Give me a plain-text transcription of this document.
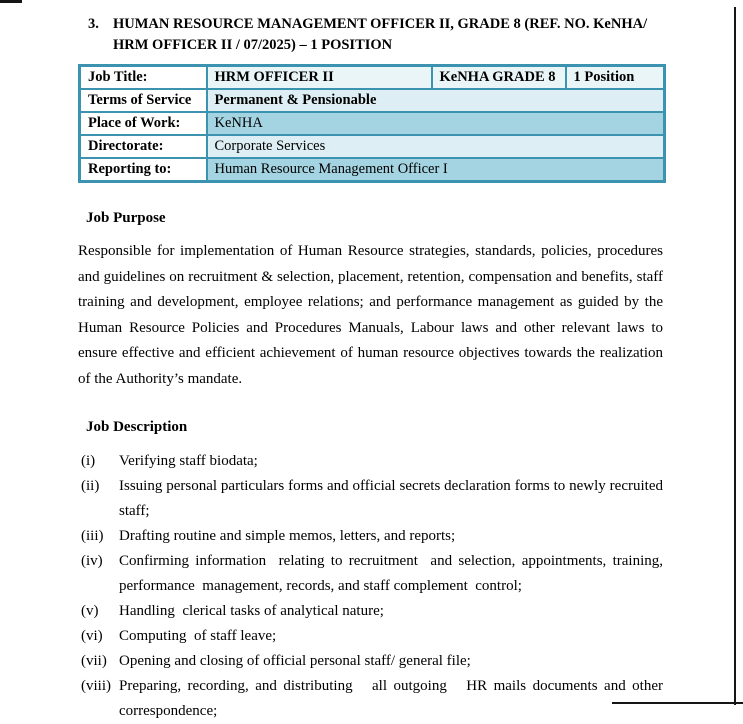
3. HUMAN RESOURCE MANAGEMENT OFFICER II, GRADE 8 (REF. NO. KeNHA/
HRM OFFICER II / 07/2025) – 1 POSITION
Job Title:	HRM OFFICER II	KeNHA GRADE 8	1 Position
Terms of Service	Permanent & Pensionable		
Place of Work:	KeNHA		
Directorate:	Corporate Services		
Reporting to:	Human Resource Management Officer I		
Job Purpose

Responsible for implementation of Human Resource strategies, standards, policies, procedures and guidelines on recruitment & selection, placement, retention, compensation and benefits, staff training and development, employee relations; and performance management as guided by the Human Resource Policies and Procedures Manuals, Labour laws and other relevant laws to ensure effective and efficient achievement of human resource objectives towards the realization of the Authority’s mandate.

Job Description
(i)	Verifying staff biodata;
(ii)	Issuing personal particulars forms and official secrets declaration forms to newly recruited staff;
(iii)	Drafting routine and simple memos, letters, and reports;
(iv)	Confirming information  relating to recruitment  and selection, appointments, training, performance  management, records, and staff complement  control;
(v)	Handling  clerical tasks of analytical nature;
(vi)	Computing  of staff leave;
(vii) Opening and closing of official personal staff/ general file;
(viii) Preparing, recording, and distributing   all outgoing   HR mails documents and other correspondence;
